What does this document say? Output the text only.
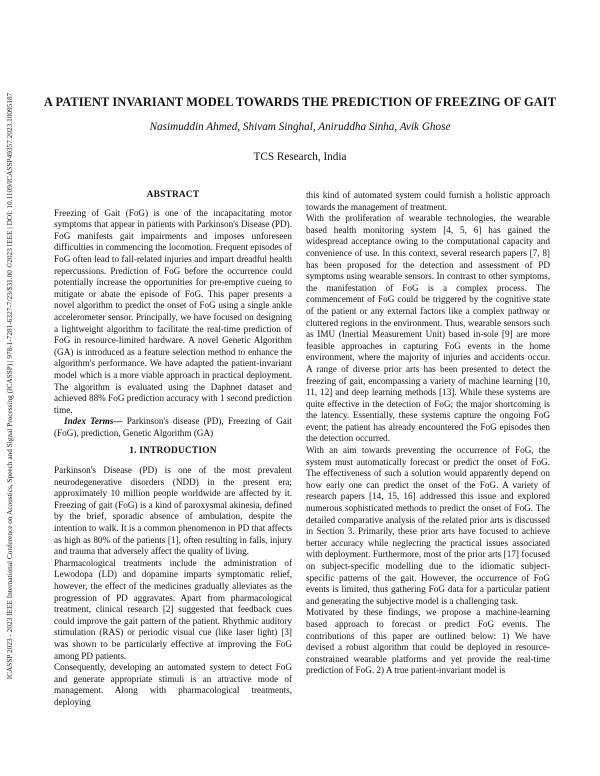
ICASSP 2023 - 2023 IEEE International Conference on Acoustics, Speech and Signal Processing (ICASSP) | 978-1-7281-6327-7/23/$31.00 ©2023 IEEE | DOI: 10.1109/ICASSP49357.2023.10095187	A PATIENT INVARIANT MODEL TOWARDS THE PREDICTION OF FREEZING OF GAIT
Nasimuddin Ahmed, Shivam Singhal, Aniruddha Sinha, Avik Ghose
TCS Research, India
ABSTRACT

Freezing of Gait (FoG) is one of the incapacitating motor symptoms that appear in patients with Parkinson's Disease (PD). FoG manifests gait impairments and imposes unforeseen difficulties in commencing the locomotion. Frequent episodes of FoG often lead to fall-related injuries and impart dreadful health repercussions. Prediction of FoG before the occurrence could potentially increase the opportunities for pre-emptive cueing to mitigate or abate the episode of FoG. This paper presents a novel algorithm to predict the onset of FoG using a single ankle accelerometer sensor. Principally, we have focused on designing a lightweight algorithm to facilitate the real-time prediction of FoG in resource-limited hardware. A novel Genetic Algorithm (GA) is introduced as a feature selection method to enhance the algorithm's performance. We have adapted the patient-invariant model which is a more viable approach in practical deployment. The algorithm is evaluated using the Daphnet dataset and achieved 88% FoG prediction accuracy with 1 second prediction time.

Index Terms— Parkinson's disease (PD), Freezing of Gait (FoG), prediction, Genetic Algorithm (GA)

1. INTRODUCTION

Parkinson's Disease (PD) is one of the most prevalent neurodegenerative disorders (NDD) in the present era; approximately 10 million people worldwide are affected by it. Freezing of gait (FoG) is a kind of paroxysmal akinesia, defined by the brief, sporadic absence of ambulation, despite the intention to walk. It is a common phenomenon in PD that affects as high as 80% of the patients [1], often resulting in falls, injury and trauma that adversely affect the quality of living.

Pharmacological treatments include the administration of Lewodopa (LD) and dopamine imparts symptomatic relief, however, the effect of the medicines gradually alleviates as the progression of PD aggravates. Apart from pharmacological treatment, clinical research [2] suggested that feedback cues could improve the gait pattern of the patient. Rhythmic auditory stimulation (RAS) or periodic visual cue (like laser light) [3] was shown to be particularly effective at improving the FoG among PD patients.

Consequently, developing an automated system to detect FoG and generate appropriate stimuli is an attractive mode of management. Along with pharmacological treatments, deploying

this kind of automated system could furnish a holistic approach towards the management of treatment.

With the proliferation of wearable technologies, the wearable based health monitoring system [4, 5, 6] has gained the widespread acceptance owing to the computational capacity and convenience of use. In this context, several research papers [7, 8] has been proposed for the detection and assessment of PD symptoms using wearable sensors. In contrast to other symptoms, the manifestation of FoG is a complex process. The commencement of FoG could be triggered by the cognitive state of the patient or any external factors like a complex pathway or cluttered regions in the environment. Thus, wearable sensors such as IMU (Inertial Measurement Unit) based in-sole [9] are more feasible approaches in capturing FoG events in the home environment, where the majority of injuries and accidents occur. A range of diverse prior arts has been presented to detect the freezing of gait, encompassing a variety of machine learning [10, 11, 12] and deep learning methods [13]. While these systems are quite effective in the detection of FoG; the major shortcoming is the latency. Essentially, these systems capture the ongoing FoG event; the patient has already encountered the FoG episodes then the detection occurred.

With an aim towards preventing the occurrence of FoG, the system must automatically forecast or predict the onset of FoG. The effectiveness of such a solution would apparently depend on how early one can predict the onset of the FoG. A variety of research papers [14, 15, 16] addressed this issue and explored numerous sophisticated methods to predict the onset of FoG. The detailed comparative analysis of the related prior arts is discussed in Section 3. Primarily, these prior arts have focused to achieve better accuracy while neglecting the practical issues associated with deployment. Furthermore, most of the prior arts [17] focused on subject-specific modelling due to the idiomatic subject-specific patterns of the gait. However, the occurrence of FoG events is limited, thus gathering FoG data for a particular patient and generating the subjective model is a challenging task.

Motivated by these findings, we propose a machine-learning based approach to forecast or predict FoG events. The contributions of this paper are outlined below: 1) We have devised a robust algorithm that could be deployed in resource-constrained wearable platforms and yet provide the real-time prediction of FoG. 2) A true patient-invariant model is
